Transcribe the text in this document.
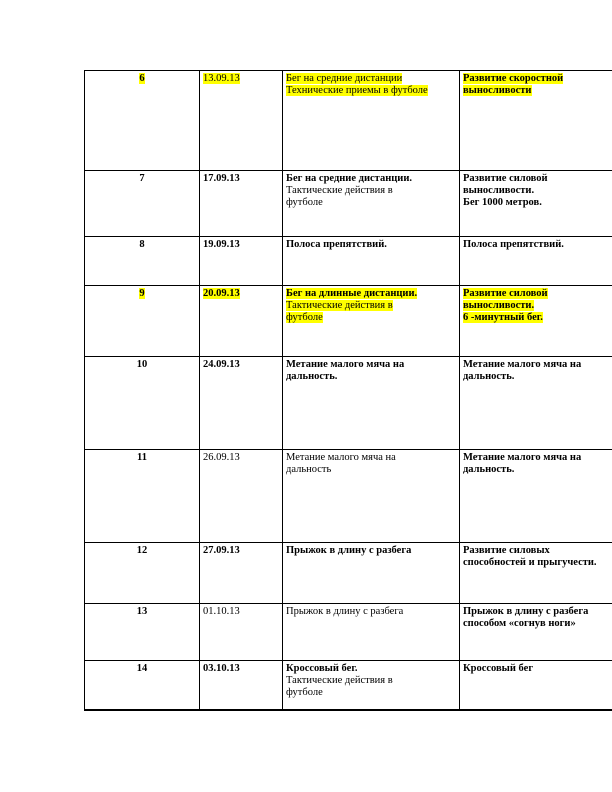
6	13.09.13	Бег на средние дистанции
Технические приемы в футболе	Развитие скоростной
выносливости

7	17.09.13	Бег на средние дистанции.
Тактические действия в
футболе	Развитие силовой
выносливости.
Бег 1000 метров.

8	19.09.13	Полоса препятствий.	Полоса препятствий.

9	20.09.13	Бег на длинные дистанции.
Тактические действия в
футболе	Развитие силовой
выносливости.
6 -минутный бег.

10	24.09.13	Метание малого мяча на
дальность.	Метание малого мяча на
дальность.

11	26.09.13	Метание малого мяча на
дальность	Метание малого мяча на
дальность.

12	27.09.13	Прыжок в длину с разбега	Развитие силовых
способностей и прыгучести.

13	01.10.13	Прыжок в длину с разбега	Прыжок в длину с разбега
способом «согнув ноги»

14	03.10.13	Кроссовый бег.
Тактические действия в
футболе	Кроссовый бег
